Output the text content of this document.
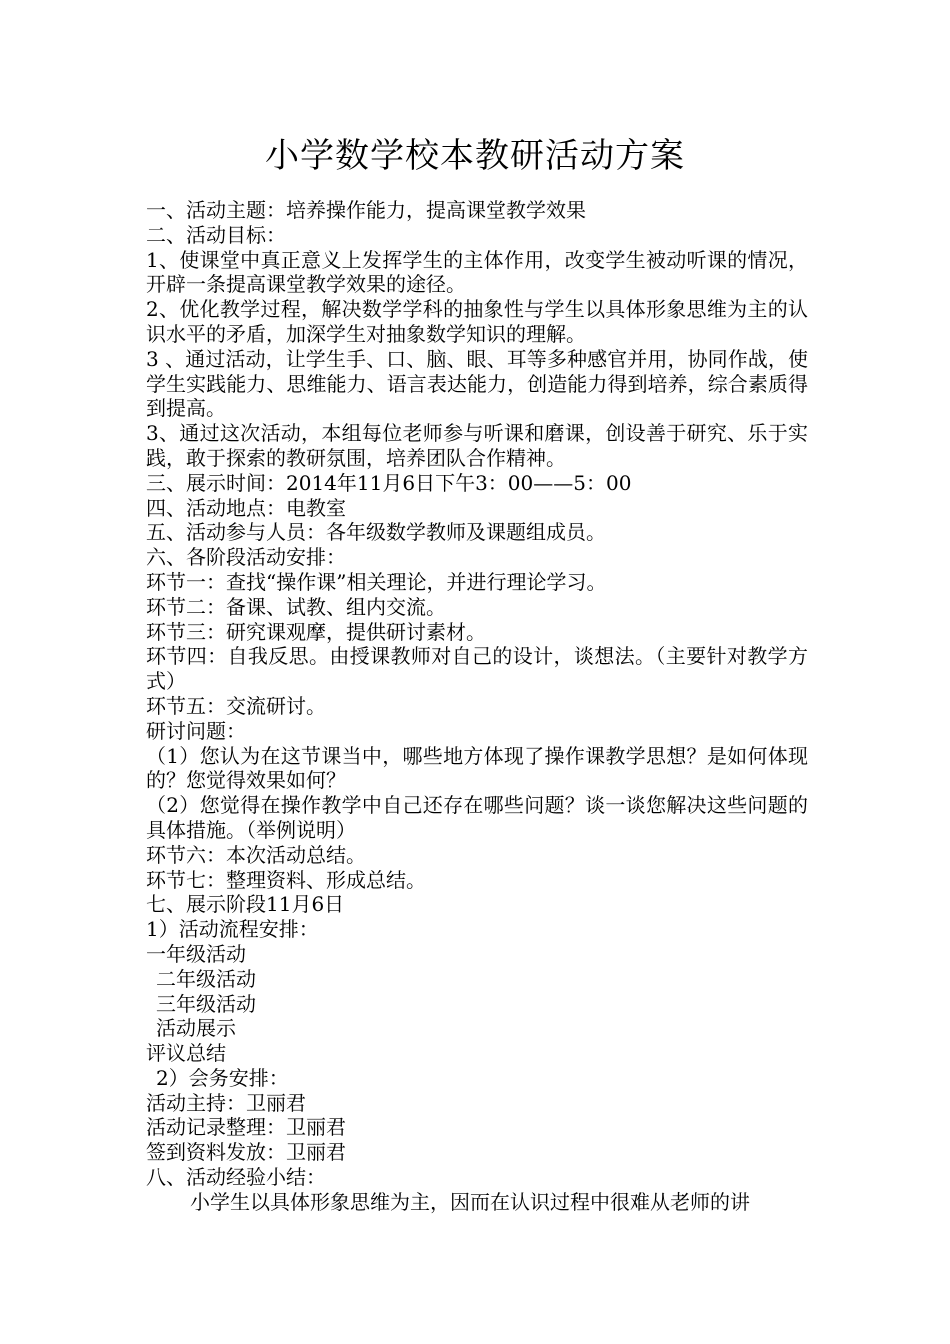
小学数学校本教研活动方案

一、活动主题：培养操作能力，提高课堂教学效果

二、活动目标：

1、使课堂中真正意义上发挥学生的主体作用，改变学生被动听课的情况，开辟一条提高课堂教学效果的途径。

2、优化教学过程，解决数学学科的抽象性与学生以具体形象思维为主的认识水平的矛盾，加深学生对抽象数学知识的理解。

3 、通过活动，让学生手、口、脑、眼、耳等多种感官并用，协同作战，使学生实践能力、思维能力、语言表达能力，创造能力得到培养，综合素质得到提高。

3、通过这次活动，本组每位老师参与听课和磨课，创设善于研究、乐于实践，敢于探索的教研氛围，培养团队合作精神。

三、展示时间：2014年11月6日下午3：00——5：00

四、活动地点：电教室

五、活动参与人员：各年级数学教师及课题组成员。

六、各阶段活动安排：

环节一：查找“操作课”相关理论，并进行理论学习。

环节二：备课、试教、组内交流。

环节三：研究课观摩，提供研讨素材。

环节四：自我反思。由授课教师对自己的设计，谈想法。（主要针对教学方式）

环节五：交流研讨。

研讨问题：

（1）您认为在这节课当中，哪些地方体现了操作课教学思想？是如何体现的？您觉得效果如何？

（2）您觉得在操作教学中自己还存在哪些问题？谈一谈您解决这些问题的具体措施。（举例说明）

环节六：本次活动总结。

环节七：整理资料、形成总结。

七、展示阶段11月6日

1）活动流程安排：

一年级活动

二年级活动

三年级活动

活动展示

评议总结

2）会务安排：

活动主持：卫丽君

活动记录整理：卫丽君

签到资料发放：卫丽君

八、活动经验小结：

小学生以具体形象思维为主，因而在认识过程中很难从老师的讲
